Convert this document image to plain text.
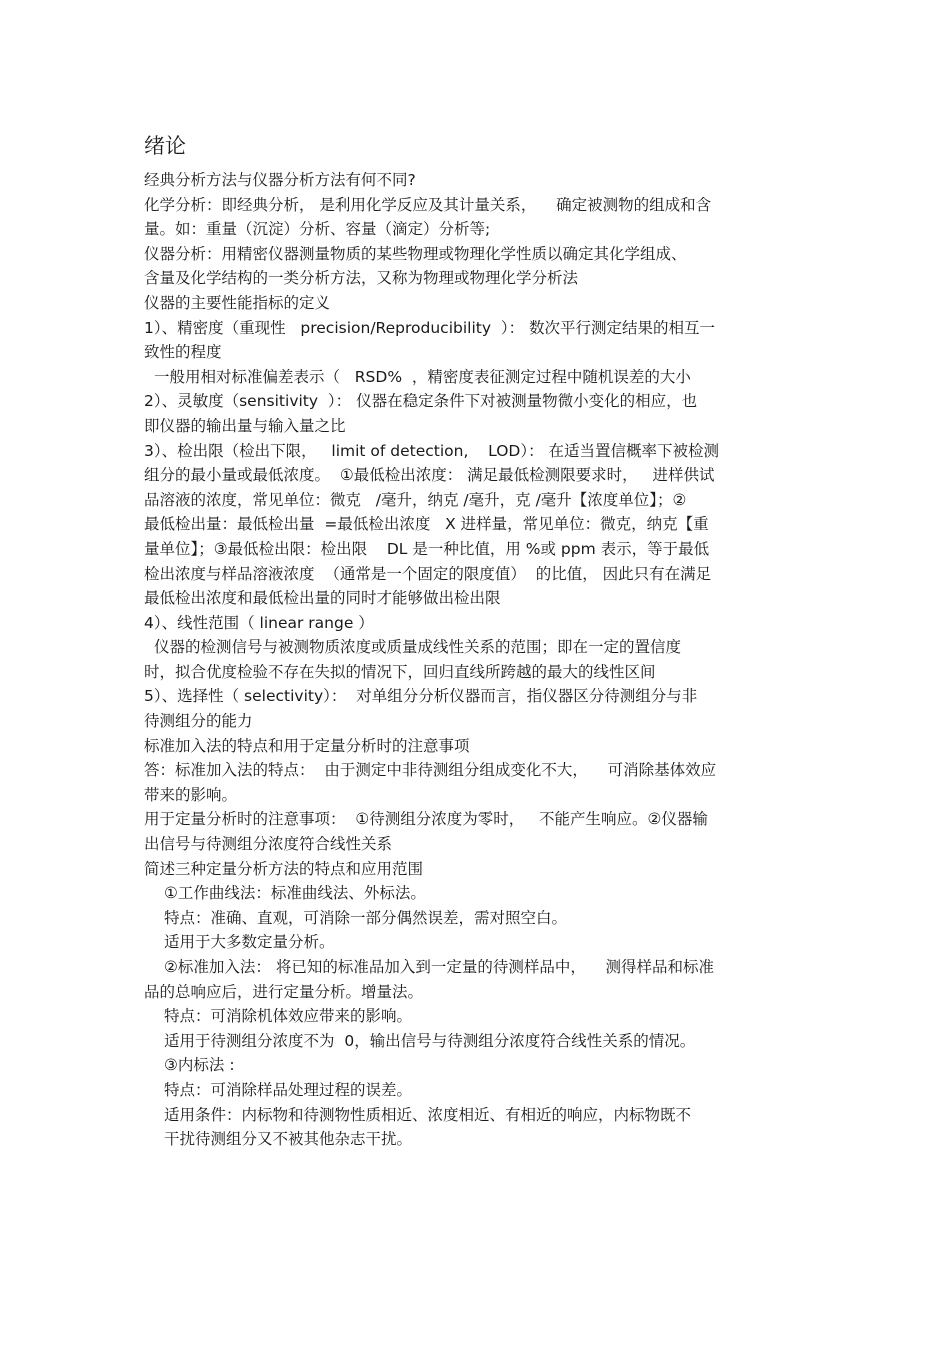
绪论
经典分析方法与仪器分析方法有何不同?
化学分析：即经典分析， 是利用化学反应及其计量关系，    确定被测物的组成和含
量。如：重量（沉淀）分析、容量（滴定）分析等;
仪器分析：用精密仪器测量物质的某些物理或物理化学性质以确定其化学组成、
含量及化学结构的一类分析方法，又称为物理或物理化学分析法
仪器的主要性能指标的定义
1）、精密度（重现性   precision/Reproducibility  ）： 数次平行测定结果的相互一
致性的程度
一般用相对标准偏差表示（   RSD%  ，精密度表征测定过程中随机误差的大小
2）、灵敏度（sensitivity  ）： 仪器在稳定条件下对被测量物微小变化的相应，也
即仪器的输出量与输入量之比
3）、检出限（检出下限，   limit of detection,    LOD）： 在适当置信概率下被检测
组分的最小量或最低浓度。  ①最低检出浓度： 满足最低检测限要求时，   进样供试
品溶液的浓度，常见单位：微克   /毫升，纳克 /毫升，克 /毫升【浓度单位】；②
最低检出量：最低检出量  =最低检出浓度   X 进样量，常见单位：微克，纳克【重
量单位】；③最低检出限：检出限    DL 是一种比值，用 %或 ppm 表示，等于最低
检出浓度与样品溶液浓度  （通常是一个固定的限度值）  的比值， 因此只有在满足
最低检出浓度和最低检出量的同时才能够做出检出限
4）、线性范围（ linear range ）
仪器的检测信号与被测物质浓度或质量成线性关系的范围；即在一定的置信度
时，拟合优度检验不存在失拟的情况下，回归直线所跨越的最大的线性区间
5）、选择性（ selectivity）：  对单组分分析仪器而言，指仪器区分待测组分与非
待测组分的能力
标准加入法的特点和用于定量分析时的注意事项
答：标准加入法的特点：  由于测定中非待测组分组成变化不大，    可消除基体效应
带来的影响。
用于定量分析时的注意事项：  ①待测组分浓度为零时，   不能产生响应。②仪器输
出信号与待测组分浓度符合线性关系
简述三种定量分析方法的特点和应用范围
①工作曲线法：标准曲线法、外标法。
特点：准确、直观，可消除一部分偶然误差，需对照空白。
适用于大多数定量分析。
②标准加入法： 将已知的标准品加入到一定量的待测样品中，    测得样品和标准
品的总响应后，进行定量分析。增量法。
特点：可消除机体效应带来的影响。
适用于待测组分浓度不为  0，输出信号与待测组分浓度符合线性关系的情况。
③内标法 :
特点：可消除样品处理过程的误差。
适用条件：内标物和待测物性质相近、浓度相近、有相近的响应，内标物既不
干扰待测组分又不被其他杂志干扰。
